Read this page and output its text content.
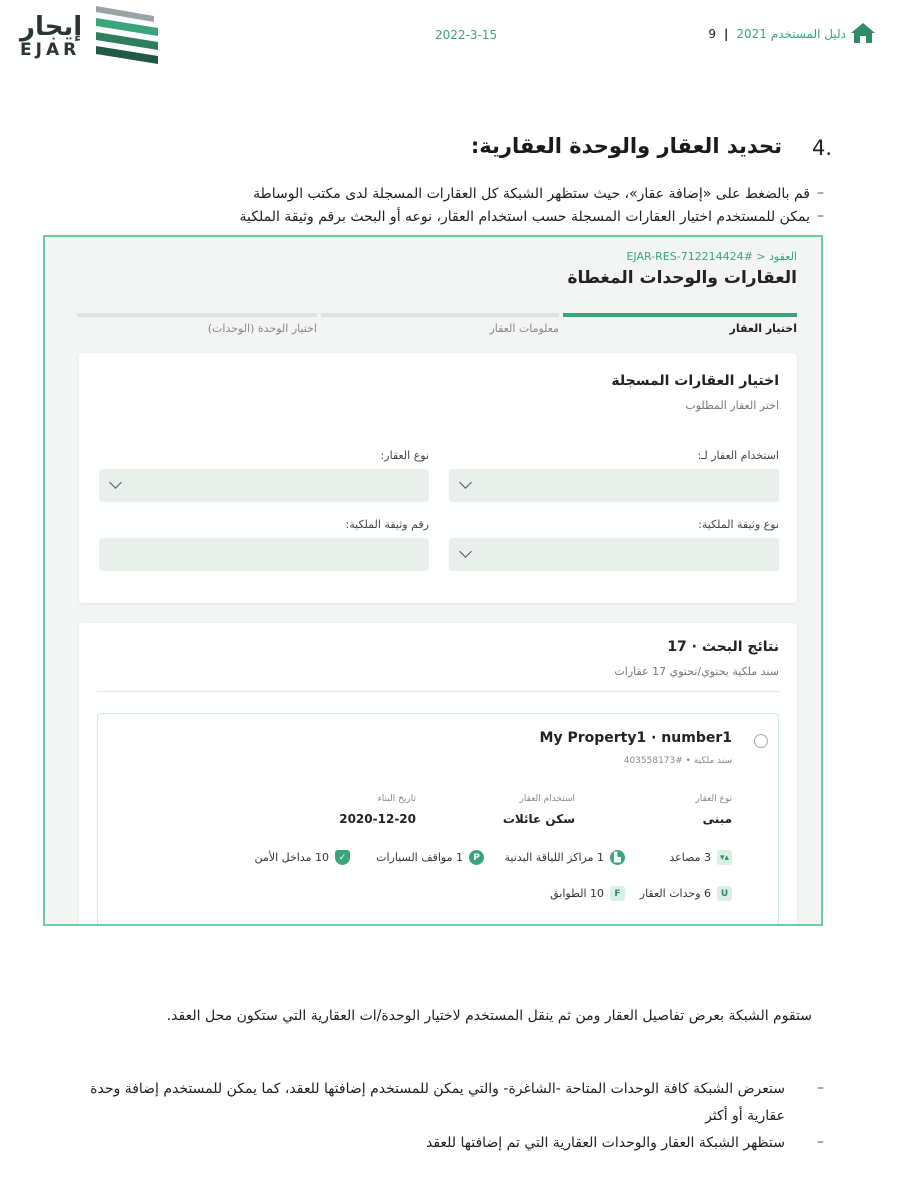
إيجار
EJAR
2022-3-15	دليل المستخدم 2021|9
4.
تحديد العقار والوحدة العقارية:
–
قم بالضغط على «إضافة عقار»، حيث ستظهر الشبكة كل العقارات المسجلة لدى مكتب الوساطة
–
يمكن للمستخدم اختيار العقارات المسجلة حسب استخدام العقار، نوعه أو البحث برقم وثيقة الملكية
العقود < #EJAR-RES-712214424
العقارات والوحدات المغطاة
اختيار العقار
معلومات العقار
اختيار الوحدة (الوحدات)
اختيار العقارات المسجلة
اختر العقار المطلوب
استخدام العقار لـ:
نوع العقار:
نوع وثيقة الملكية:
رقم وثيقة الملكية:
نتائج البحث · 17
سند ملكية يحتوي/تحتوي 17 عقارات
My Property1 · number1
سند ملكية • #403558173
نوع العقار
مبنى
استخدام العقار
سكن عائلات
تاريخ البناء
2020-12-20
▴▾
3 مصاعد
▙
1 مراكز اللياقة البدنية
P
1 مواقف السيارات
✓
10 مداخل الأمن
U
6 وحدات العقار
F
10 الطوابق
ستقوم الشبكة بعرض تفاصيل العقار ومن ثم ينقل المستخدم لاختيار الوحدة/ات العقارية التي ستكون محل العقد.
–
ستعرض الشبكة كافة الوحدات المتاحة -الشاغرة- والتي يمكن للمستخدم إضافتها للعقد، كما يمكن للمستخدم إضافة وحدة عقارية أو أكثر
–
ستظهر الشبكة العقار والوحدات العقارية التي تم إضافتها للعقد
